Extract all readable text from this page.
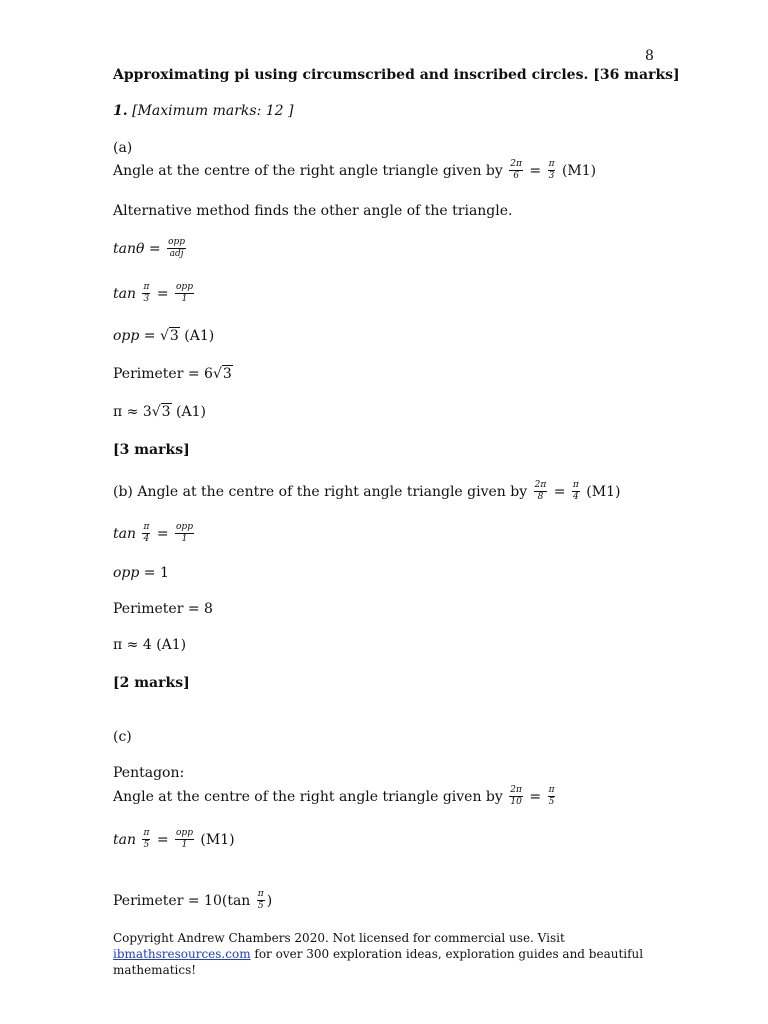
8
Approximating pi using circumscribed and inscribed circles. [36 marks]
1. [Maximum marks: 12 ]
(a)
Angle at the centre of the right angle triangle given by $\frac{2\pi}{6} = \frac{\pi}{3} (M1)$
Alternative method finds the other angle of the triangle.
$\tan\theta = \frac{\text{opp}}{\text{adj}}$
$\tan \frac{\pi}{3} = \frac{\text{opp}}{1}$
opp = √3 (A1)
Perimeter = 6√3
π ≈ 3√3 (A1)
[3 marks]
(b) Angle at the centre of the right angle triangle given by $\frac{2\pi}{8} = \frac{\pi}{4} (M1)$
$\tan \frac{\pi}{4} = \frac{\text{opp}}{1}$
opp = 1
Perimeter = 8
π ≈ 4 (A1)
[2 marks]
(c)
Pentagon:
Angle at the centre of the right angle triangle given by $\frac{2\pi}{10} = \frac{\pi}{5}$
$\tan \frac{\pi}{5} = \frac{\text{opp}}{1} (M1)$
Perimeter = $10(\tan \frac{\pi}{5}$ )
Copyright Andrew Chambers 2020. Not licensed for commercial use. Visit ibmathsresources.com for over 300 exploration ideas, exploration guides and beautiful mathematics!
